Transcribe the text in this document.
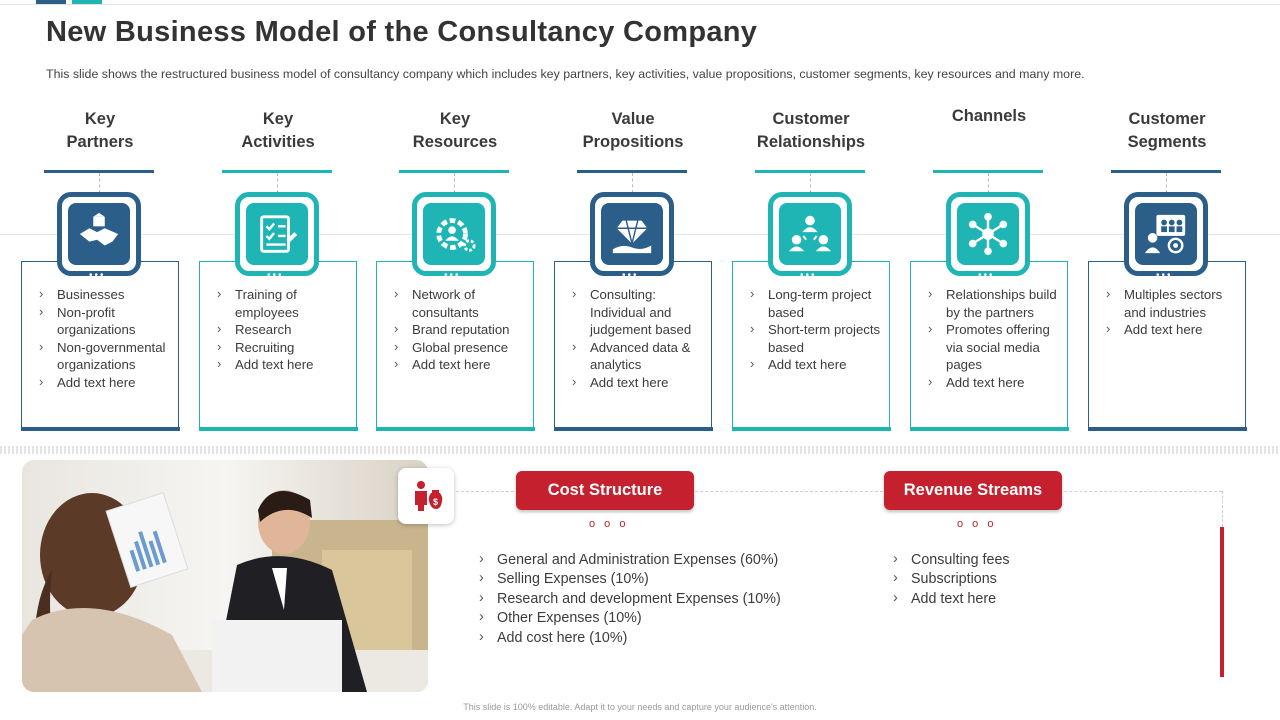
New Business Model of the Consultancy Company

This slide shows the restructured business model of consultancy company which includes key partners, key activities, value propositions, customer segments, key resources and many more.

Key
Partners
•••
› Businesses
› Non-profit organizations
› Non-governmental organizations
› Add text here
Key
Activities
•••
› Training of employees
› Research
› Recruiting
› Add text here
Key
Resources
•••
› Network of consultants
› Brand reputation
› Global presence
› Add text here
Value
Propositions
•••
› Consulting: Individual and judgement based
› Advanced data & analytics
› Add text here
Customer
Relationships
•••
› Long-term project based
› Short-term projects based
› Add text here
Channels
•••
› Relationships build by the partners
› Promotes offering via social media pages
› Add text here
Customer
Segments
•••
› Multiples sectors and industries
› Add text here
$
Cost Structure
o o o
› General and Administration Expenses (60%)
› Selling Expenses (10%)
› Research and development Expenses (10%)
› Other Expenses (10%)
› Add cost here (10%)
Revenue Streams
o o o
› Consulting fees
› Subscriptions
› Add text here
This slide is 100% editable. Adapt it to your needs and capture your audience's attention.
